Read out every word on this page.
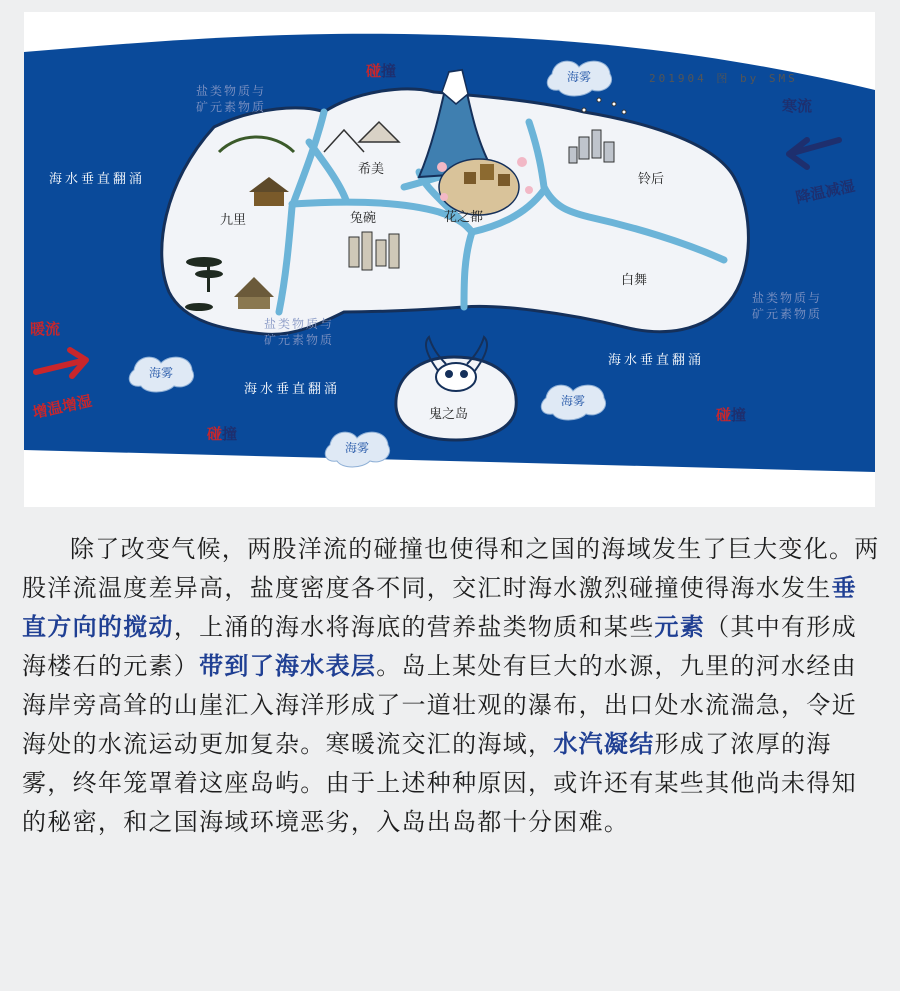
海雾
海雾
海雾
海雾
碰撞
碰撞
碰撞
201904 图 by SMS
海水垂直翻涌
海水垂直翻涌
海水垂直翻涌
盐类物质与
矿元素物质
盐类物质与
矿元素物质
盐类物质与
矿元素物质
九里
希美
兔碗	花之都
铃后
白舞
鬼之岛
寒流
降温减湿
暖流
增温增湿

除了改变气候，两股洋流的碰撞也使得和之国的海域发生了巨大变化。两股洋流温度差异高，盐度密度各不同，交汇时海水激烈碰撞使得海水发生垂直方向的搅动，上涌的海水将海底的营养盐类物质和某些元素（其中有形成海楼石的元素）带到了海水表层。岛上某处有巨大的水源，九里的河水经由海岸旁高耸的山崖汇入海洋形成了一道壮观的瀑布，出口处水流湍急，令近海处的水流运动更加复杂。寒暖流交汇的海域，水汽凝结形成了浓厚的海雾，终年笼罩着这座岛屿。由于上述种种原因，或许还有某些其他尚未得知的秘密，和之国海域环境恶劣，入岛出岛都十分困难。
